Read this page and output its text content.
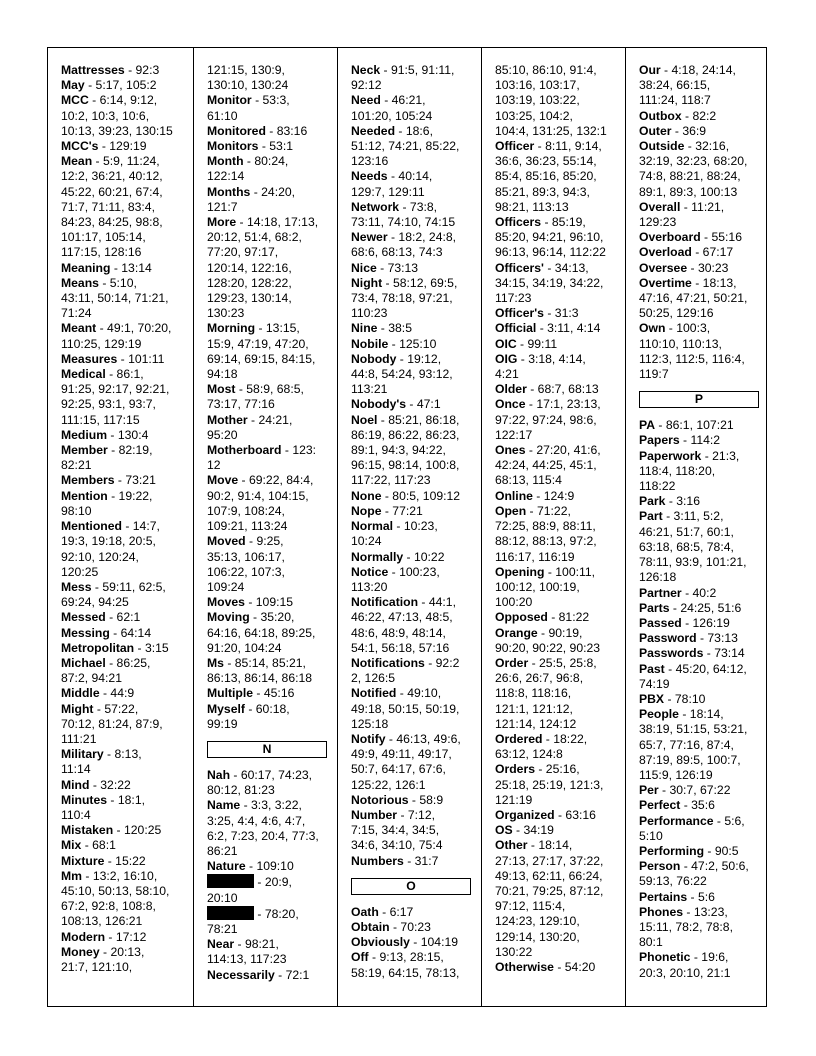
Mattresses - 92:3
May - 5:17, 105:2
MCC - 6:14, 9:12,
10:2, 10:3, 10:6,
10:13, 39:23, 130:15
MCC's - 129:19
Mean - 5:9, 11:24,
12:2, 36:21, 40:12,
45:22, 60:21, 67:4,
71:7, 71:11, 83:4,
84:23, 84:25, 98:8,
101:17, 105:14,
117:15, 128:16
Meaning - 13:14
Means - 5:10,
43:11, 50:14, 71:21,
71:24
Meant - 49:1, 70:20,
110:25, 129:19
Measures - 101:11
Medical - 86:1,
91:25, 92:17, 92:21,
92:25, 93:1, 93:7,
111:15, 117:15
Medium - 130:4
Member - 82:19,
82:21
Members - 73:21
Mention - 19:22,
98:10
Mentioned - 14:7,
19:3, 19:18, 20:5,
92:10, 120:24,
120:25
Mess - 59:11, 62:5,
69:24, 94:25
Messed - 62:1
Messing - 64:14
Metropolitan - 3:15
Michael - 86:25,
87:2, 94:21
Middle - 44:9
Might - 57:22,
70:12, 81:24, 87:9,
111:21
Military - 8:13,
11:14
Mind - 32:22
Minutes - 18:1,
110:4
Mistaken - 120:25
Mix - 68:1
Mixture - 15:22
Mm - 13:2, 16:10,
45:10, 50:13, 58:10,
67:2, 92:8, 108:8,
108:13, 126:21
Modern - 17:12
Money - 20:13,
21:7, 121:10,
121:15, 130:9,
130:10, 130:24
Monitor - 53:3,
61:10
Monitored - 83:16
Monitors - 53:1
Month - 80:24,
122:14
Months - 24:20,
121:7
More - 14:18, 17:13,
20:12, 51:4, 68:2,
77:20, 97:17,
120:14, 122:16,
128:20, 128:22,
129:23, 130:14,
130:23
Morning - 13:15,
15:9, 47:19, 47:20,
69:14, 69:15, 84:15,
94:18
Most - 58:9, 68:5,
73:17, 77:16
Mother - 24:21,
95:20
Motherboard - 123:
12
Move - 69:22, 84:4,
90:2, 91:4, 104:15,
107:9, 108:24,
109:21, 113:24
Moved - 9:25,
35:13, 106:17,
106:22, 107:3,
109:24
Moves - 109:15
Moving - 35:20,
64:16, 64:18, 89:25,
91:20, 104:24
Ms - 85:14, 85:21,
86:13, 86:14, 86:18
Multiple - 45:16
Myself - 60:18,
99:19
N
Nah - 60:17, 74:23,
80:12, 81:23
Name - 3:3, 3:22,
3:25, 4:4, 4:6, 4:7,
6:2, 7:23, 20:4, 77:3,
86:21
Nature - 109:10
- 20:9,
20:10
- 78:20,
78:21
Near - 98:21,
114:13, 117:23
Necessarily - 72:1
Neck - 91:5, 91:11,
92:12
Need - 46:21,
101:20, 105:24
Needed - 18:6,
51:12, 74:21, 85:22,
123:16
Needs - 40:14,
129:7, 129:11
Network - 73:8,
73:11, 74:10, 74:15
Newer - 18:2, 24:8,
68:6, 68:13, 74:3
Nice - 73:13
Night - 58:12, 69:5,
73:4, 78:18, 97:21,
110:23
Nine - 38:5
Nobile - 125:10
Nobody - 19:12,
44:8, 54:24, 93:12,
113:21
Nobody's - 47:1
Noel - 85:21, 86:18,
86:19, 86:22, 86:23,
89:1, 94:3, 94:22,
96:15, 98:14, 100:8,
117:22, 117:23
None - 80:5, 109:12
Nope - 77:21
Normal - 10:23,
10:24
Normally - 10:22
Notice - 100:23,
113:20
Notification - 44:1,
46:22, 47:13, 48:5,
48:6, 48:9, 48:14,
54:1, 56:18, 57:16
Notifications - 92:2
2, 126:5
Notified - 49:10,
49:18, 50:15, 50:19,
125:18
Notify - 46:13, 49:6,
49:9, 49:11, 49:17,
50:7, 64:17, 67:6,
125:22, 126:1
Notorious - 58:9
Number - 7:12,
7:15, 34:4, 34:5,
34:6, 34:10, 75:4
Numbers - 31:7
O
Oath - 6:17
Obtain - 70:23
Obviously - 104:19
Off - 9:13, 28:15,
58:19, 64:15, 78:13,
85:10, 86:10, 91:4,
103:16, 103:17,
103:19, 103:22,
103:25, 104:2,
104:4, 131:25, 132:1
Officer - 8:11, 9:14,
36:6, 36:23, 55:14,
85:4, 85:16, 85:20,
85:21, 89:3, 94:3,
98:21, 113:13
Officers - 85:19,
85:20, 94:21, 96:10,
96:13, 96:14, 112:22
Officers' - 34:13,
34:15, 34:19, 34:22,
117:23
Officer's - 31:3
Official - 3:11, 4:14
OIC - 99:11
OIG - 3:18, 4:14,
4:21
Older - 68:7, 68:13
Once - 17:1, 23:13,
97:22, 97:24, 98:6,
122:17
Ones - 27:20, 41:6,
42:24, 44:25, 45:1,
68:13, 115:4
Online - 124:9
Open - 71:22,
72:25, 88:9, 88:11,
88:12, 88:13, 97:2,
116:17, 116:19
Opening - 100:11,
100:12, 100:19,
100:20
Opposed - 81:22
Orange - 90:19,
90:20, 90:22, 90:23
Order - 25:5, 25:8,
26:6, 26:7, 96:8,
118:8, 118:16,
121:1, 121:12,
121:14, 124:12
Ordered - 18:22,
63:12, 124:8
Orders - 25:16,
25:18, 25:19, 121:3,
121:19
Organized - 63:16
OS - 34:19
Other - 18:14,
27:13, 27:17, 37:22,
49:13, 62:11, 66:24,
70:21, 79:25, 87:12,
97:12, 115:4,
124:23, 129:10,
129:14, 130:20,
130:22
Otherwise - 54:20
Our - 4:18, 24:14,
38:24, 66:15,
111:24, 118:7
Outbox - 82:2
Outer - 36:9
Outside - 32:16,
32:19, 32:23, 68:20,
74:8, 88:21, 88:24,
89:1, 89:3, 100:13
Overall - 11:21,
129:23
Overboard - 55:16
Overload - 67:17
Oversee - 30:23
Overtime - 18:13,
47:16, 47:21, 50:21,
50:25, 129:16
Own - 100:3,
110:10, 110:13,
112:3, 112:5, 116:4,
119:7
P
PA - 86:1, 107:21
Papers - 114:2
Paperwork - 21:3,
118:4, 118:20,
118:22
Park - 3:16
Part - 3:11, 5:2,
46:21, 51:7, 60:1,
63:18, 68:5, 78:4,
78:11, 93:9, 101:21,
126:18
Partner - 40:2
Parts - 24:25, 51:6
Passed - 126:19
Password - 73:13
Passwords - 73:14
Past - 45:20, 64:12,
74:19
PBX - 78:10
People - 18:14,
38:19, 51:15, 53:21,
65:7, 77:16, 87:4,
87:19, 89:5, 100:7,
115:9, 126:19
Per - 30:7, 67:22
Perfect - 35:6
Performance - 5:6,
5:10
Performing - 90:5
Person - 47:2, 50:6,
59:13, 76:22
Pertains - 5:6
Phones - 13:23,
15:11, 78:2, 78:8,
80:1
Phonetic - 19:6,
20:3, 20:10, 21:1
